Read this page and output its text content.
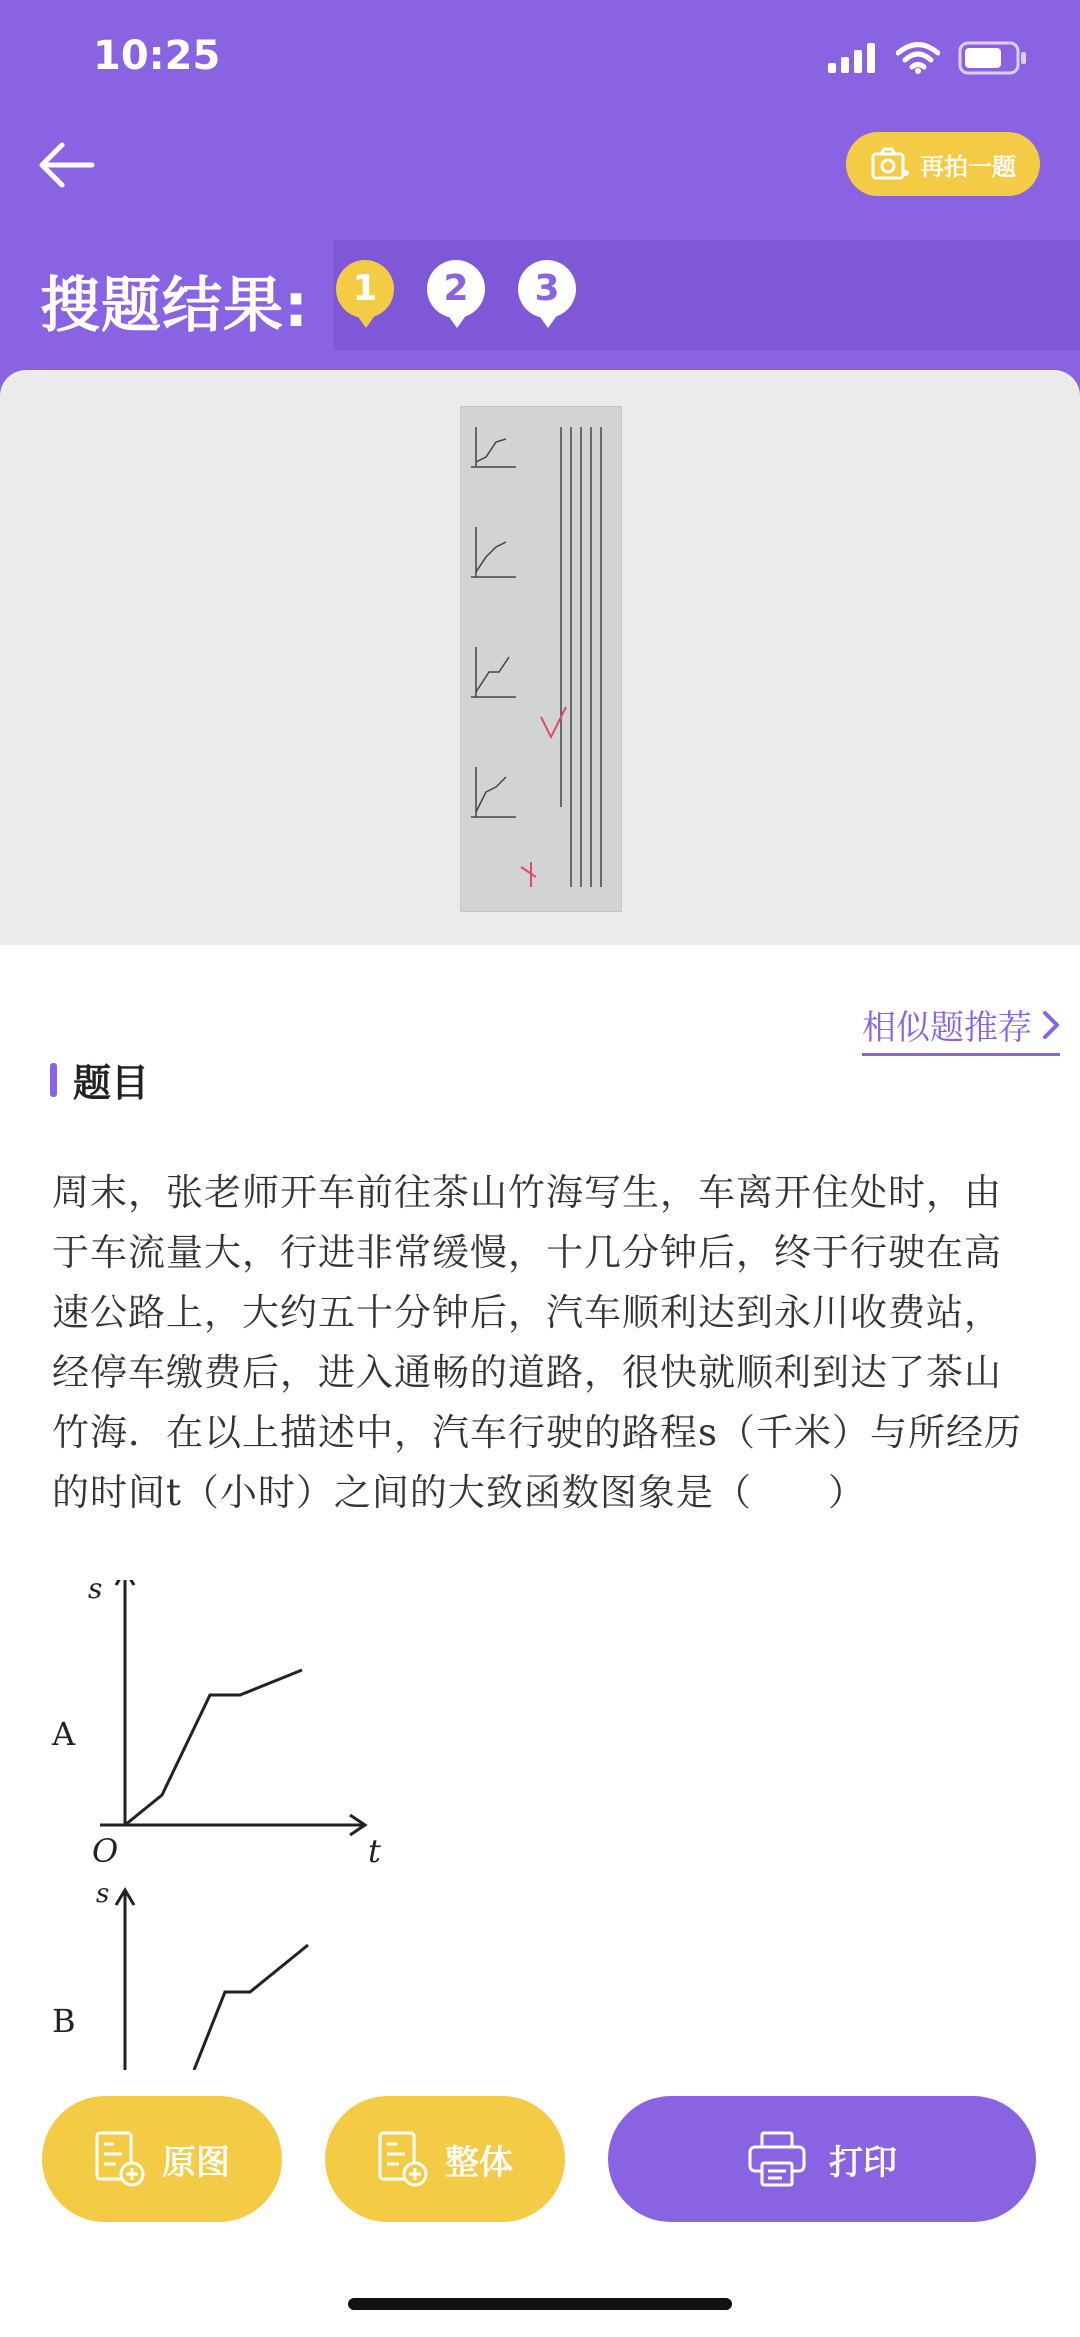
10:25
再拍一题
搜题结果:	1	2	3
相似题推荐
题目
周末，张老师开车前往茶山竹海写生，车离开住处时，由于车流量大，行进非常缓慢，十几分钟后，终于行驶在高速公路上，大约五十分钟后，汽车顺利达到永川收费站，经停车缴费后，进入通畅的道路，很快就顺利到达了茶山竹海．在以上描述中，汽车行驶的路程s（千米）与所经历的时间t（小时）之间的大致函数图象是（　　）
s
A
O	t
s
B
原图	整体	打印
